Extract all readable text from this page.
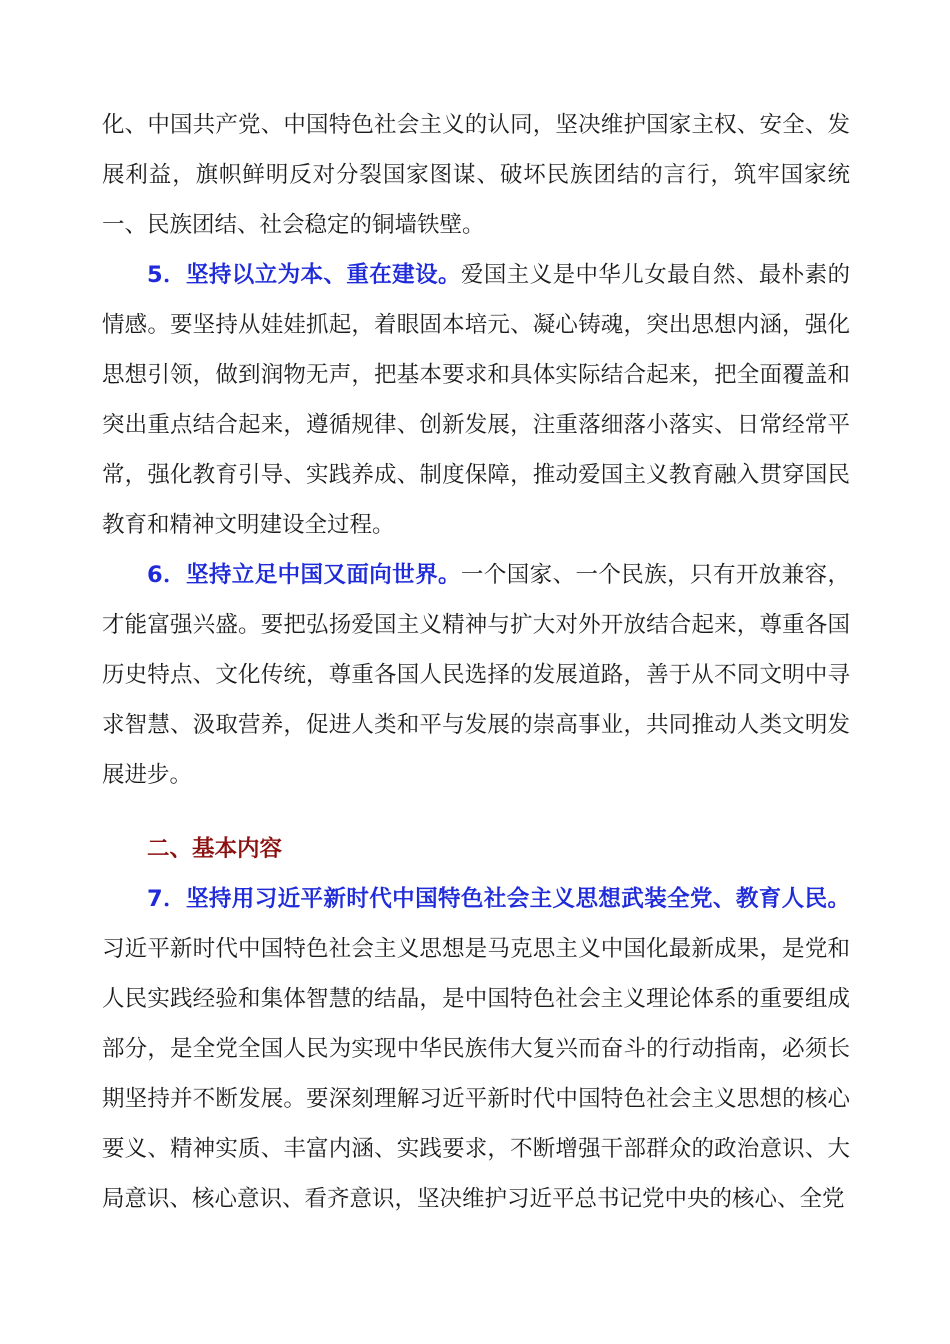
化、中国共产党、中国特色社会主义的认同，坚决维护国家主权、安全、发展利益，旗帜鲜明反对分裂国家图谋、破坏民族团结的言行，筑牢国家统一、民族团结、社会稳定的铜墙铁壁。

5．坚持以立为本、重在建设。爱国主义是中华儿女最自然、最朴素的情感。要坚持从娃娃抓起，着眼固本培元、凝心铸魂，突出思想内涵，强化思想引领，做到润物无声，把基本要求和具体实际结合起来，把全面覆盖和突出重点结合起来，遵循规律、创新发展，注重落细落小落实、日常经常平常，强化教育引导、实践养成、制度保障，推动爱国主义教育融入贯穿国民教育和精神文明建设全过程。

6．坚持立足中国又面向世界。一个国家、一个民族，只有开放兼容，才能富强兴盛。要把弘扬爱国主义精神与扩大对外开放结合起来，尊重各国历史特点、文化传统，尊重各国人民选择的发展道路，善于从不同文明中寻求智慧、汲取营养，促进人类和平与发展的崇高事业，共同推动人类文明发展进步。

二、基本内容

7．坚持用习近平新时代中国特色社会主义思想武装全党、教育人民。习近平新时代中国特色社会主义思想是马克思主义中国化最新成果，是党和人民实践经验和集体智慧的结晶，是中国特色社会主义理论体系的重要组成部分，是全党全国人民为实现中华民族伟大复兴而奋斗的行动指南，必须长期坚持并不断发展。要深刻理解习近平新时代中国特色社会主义思想的核心要义、精神实质、丰富内涵、实践要求，不断增强干部群众的政治意识、大局意识、核心意识、看齐意识，坚决维护习近平总书记党中央的核心、全党
